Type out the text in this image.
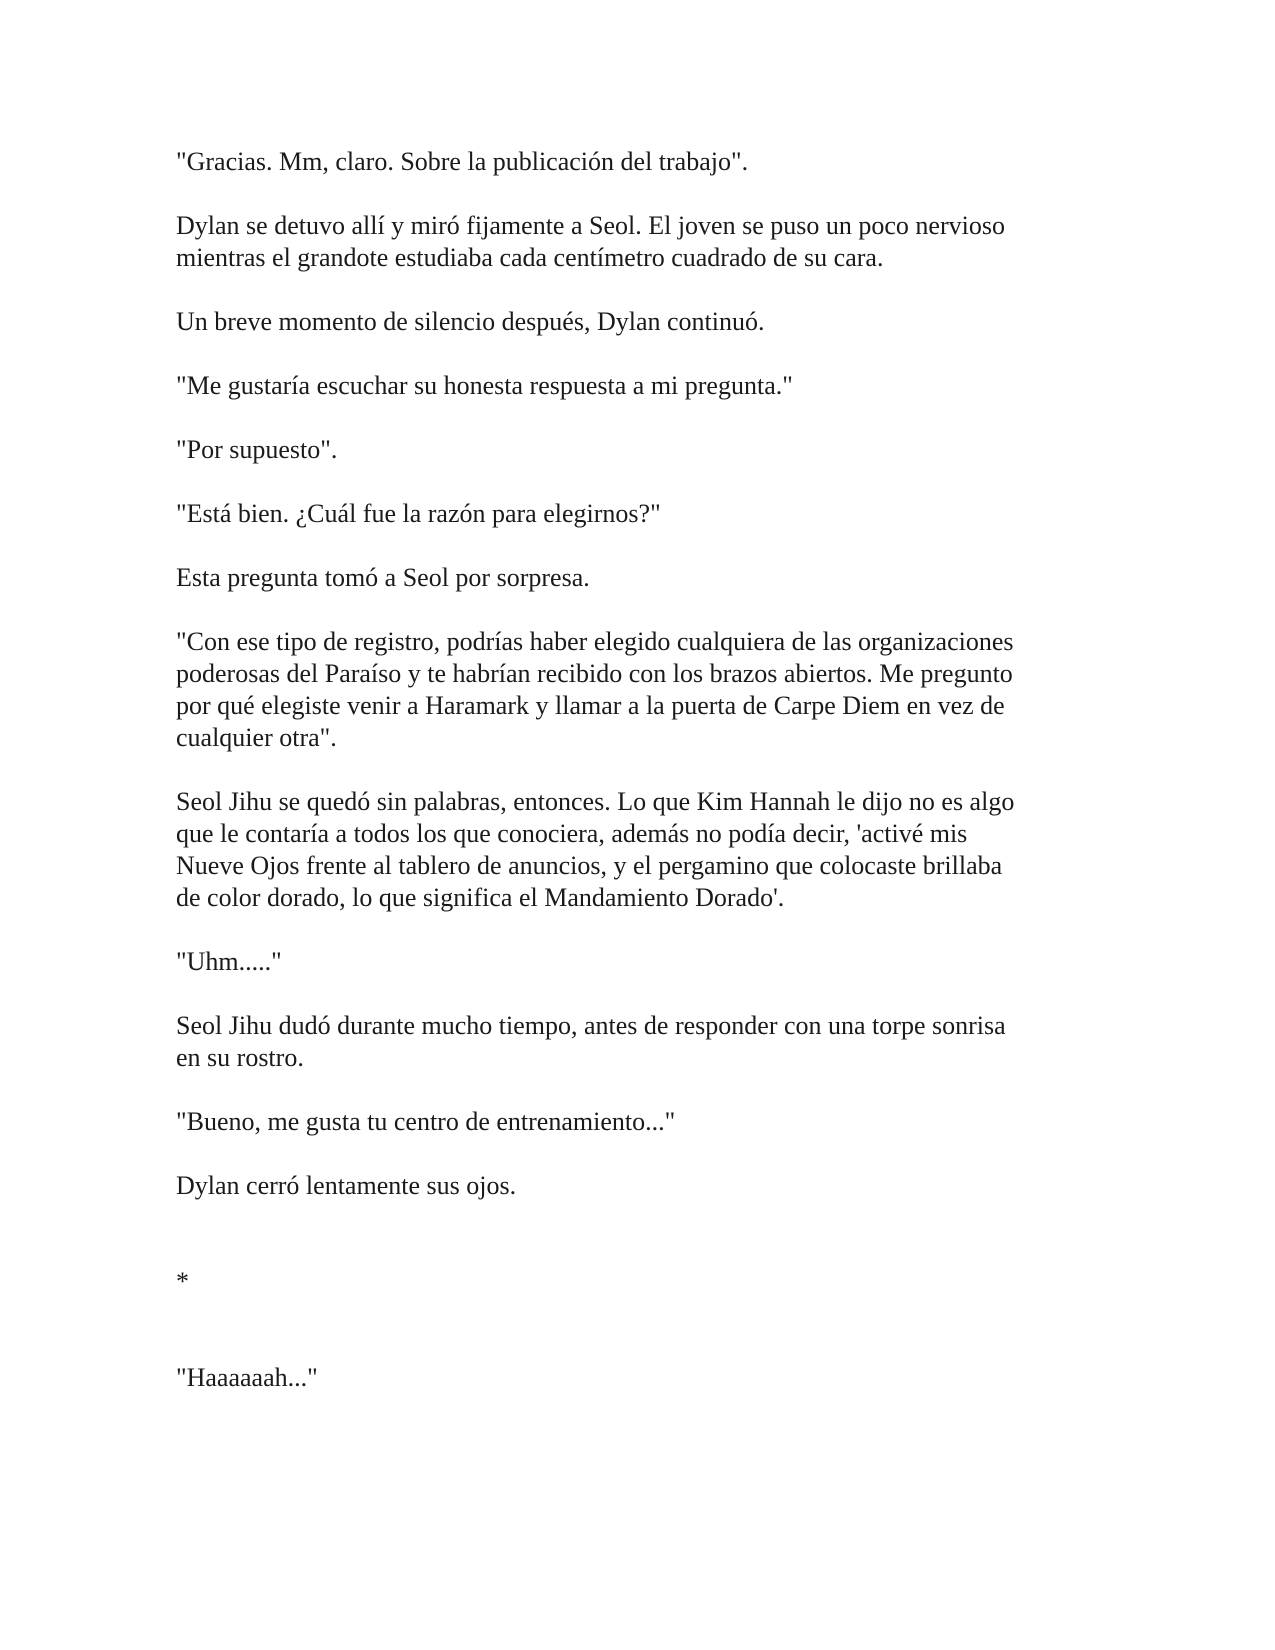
"Gracias. Mm, claro. Sobre la publicación del trabajo".

Dylan se detuvo allí y miró fijamente a Seol. El joven se puso un poco nervioso
mientras el grandote estudiaba cada centímetro cuadrado de su cara.

Un breve momento de silencio después, Dylan continuó.

"Me gustaría escuchar su honesta respuesta a mi pregunta."

"Por supuesto".

"Está bien. ¿Cuál fue la razón para elegirnos?"

Esta pregunta tomó a Seol por sorpresa.

"Con ese tipo de registro, podrías haber elegido cualquiera de las organizaciones
poderosas del Paraíso y te habrían recibido con los brazos abiertos. Me pregunto
por qué elegiste venir a Haramark y llamar a la puerta de Carpe Diem en vez de
cualquier otra".

Seol Jihu se quedó sin palabras, entonces. Lo que Kim Hannah le dijo no es algo
que le contaría a todos los que conociera, además no podía decir, 'activé mis
Nueve Ojos frente al tablero de anuncios, y el pergamino que colocaste brillaba
de color dorado, lo que significa el Mandamiento Dorado'.

"Uhm....."

Seol Jihu dudó durante mucho tiempo, antes de responder con una torpe sonrisa
en su rostro.

"Bueno, me gusta tu centro de entrenamiento..."

Dylan cerró lentamente sus ojos.

*

"Haaaaaah..."
